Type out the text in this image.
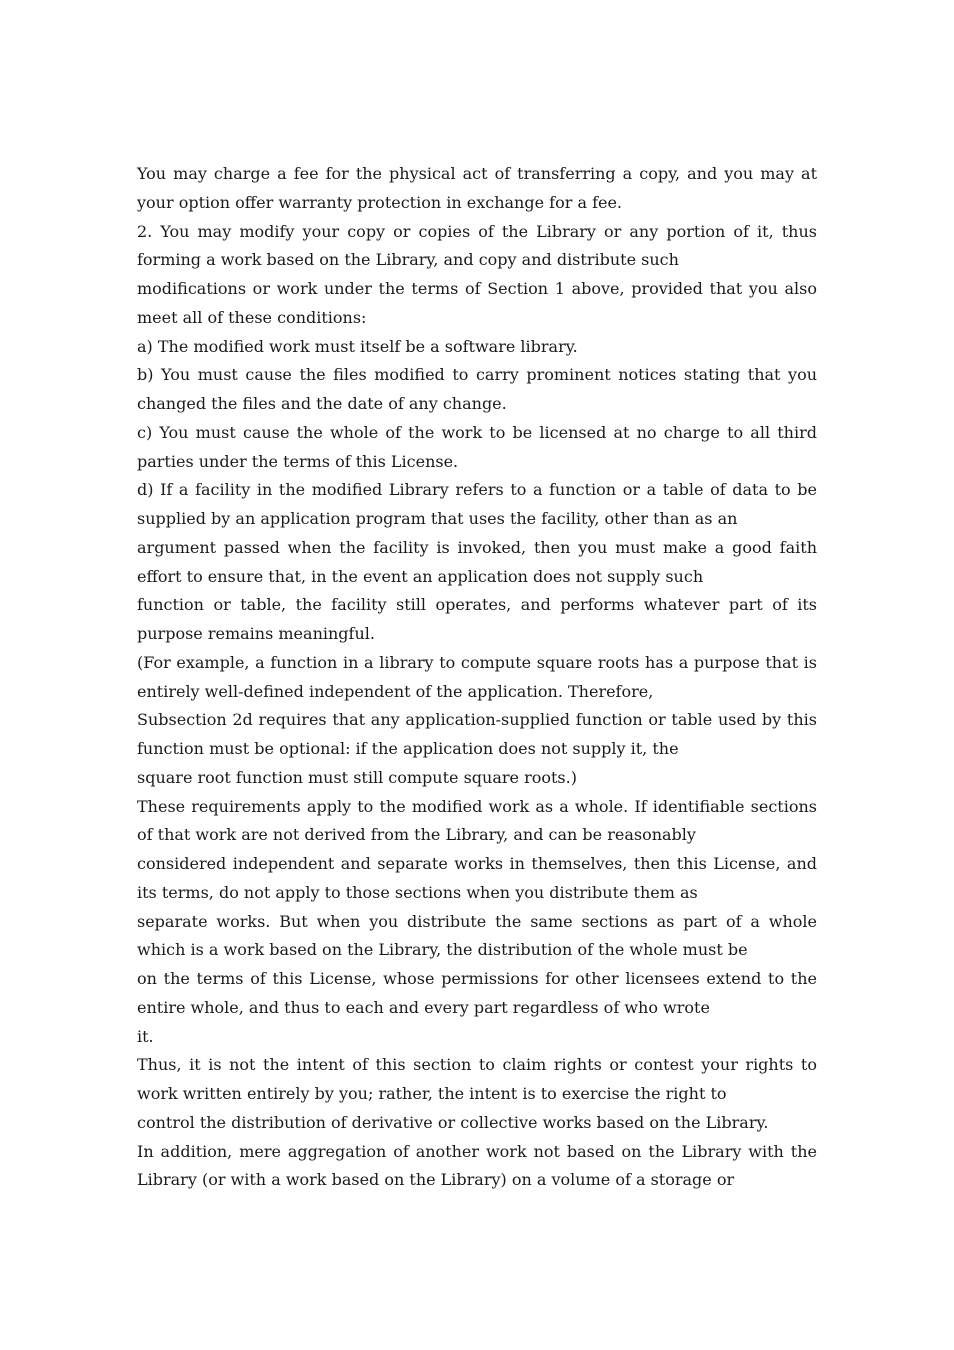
You may charge a fee for the physical act of transferring a copy, and you may at your option offer warranty protection in exchange for a fee.

2. You may modify your copy or copies of the Library or any portion of it, thus forming a work based on the Library, and copy and distribute such

modifications or work under the terms of Section 1 above, provided that you also meet all of these conditions:

a) The modified work must itself be a software library.

b) You must cause the files modified to carry prominent notices stating that you changed the files and the date of any change.

c) You must cause the whole of the work to be licensed at no charge to all third parties under the terms of this License.

d) If a facility in the modified Library refers to a function or a table of data to be supplied by an application program that uses the facility, other than as an

argument passed when the facility is invoked, then you must make a good faith effort to ensure that, in the event an application does not supply such

function or table, the facility still operates, and performs whatever part of its purpose remains meaningful.

(For example, a function in a library to compute square roots has a purpose that is entirely well-defined independent of the application. Therefore,

Subsection 2d requires that any application-supplied function or table used by this function must be optional: if the application does not supply it, the

square root function must still compute square roots.)

These requirements apply to the modified work as a whole. If identifiable sections of that work are not derived from the Library, and can be reasonably

considered independent and separate works in themselves, then this License, and its terms, do not apply to those sections when you distribute them as

separate works. But when you distribute the same sections as part of a whole which is a work based on the Library, the distribution of the whole must be

on the terms of this License, whose permissions for other licensees extend to the entire whole, and thus to each and every part regardless of who wrote

it.

Thus, it is not the intent of this section to claim rights or contest your rights to work written entirely by you; rather, the intent is to exercise the right to

control the distribution of derivative or collective works based on the Library.

In addition, mere aggregation of another work not based on the Library with the Library (or with a work based on the Library) on a volume of a storage or
